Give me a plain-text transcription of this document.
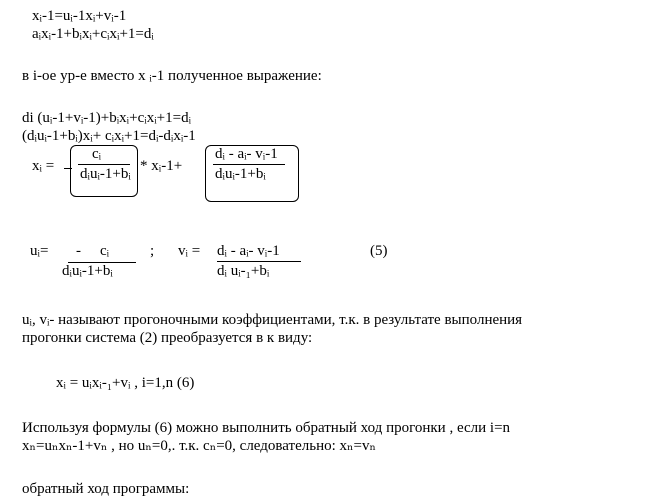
xᵢ-1=uᵢ-1xᵢ+vᵢ-1
aᵢxᵢ-1+bᵢxᵢ+cᵢxᵢ+1=dᵢ
в i-ое ур-е вместо x ᵢ-1 полученное выражение:
di (uᵢ-1+vᵢ-1)+bᵢxᵢ+cᵢxᵢ+1=dᵢ
(dᵢuᵢ-1+bᵢ)xᵢ+ cᵢxᵢ+1=dᵢ-dᵢxᵢ-1
xᵢ =
cᵢ
dᵢuᵢ-1+bᵢ * xᵢ-1+
dᵢ - aᵢ- vᵢ-1
dᵢuᵢ-1+bᵢ
uᵢ= - cᵢ
dᵢuᵢ-1+bᵢ
; vᵢ = dᵢ - aᵢ- vᵢ-1
dᵢ uᵢ-₁+bᵢ
(5)
uᵢ, vᵢ- называют прогоночными коэффициентами, т.к. в результате выполнения
прогонки система (2) преобразуется в к виду:
xᵢ = uᵢxᵢ-₁+vᵢ , i=1,n (6)
Используя формулы (6) можно выполнить обратный ход прогонки , если i=n
xₙ=uₙxₙ-1+vₙ , но uₙ=0,. т.к. cₙ=0, следовательно: xₙ=vₙ
обратный ход программы:
